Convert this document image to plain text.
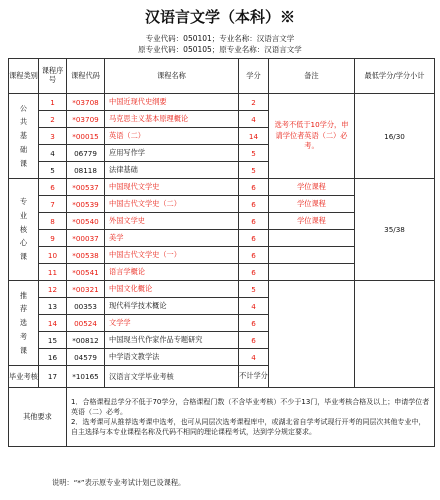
汉语言文学（本科）※
专业代码：050101；专业名称：汉语言文学
原专业代码：050105；原专业名称：汉语言文学
课程类别	课程序号	课程代码	课程名称	学分	备注	最低学分/学分小计
公
共
基
础
课	1	*03708	中国近现代史纲要	2	选考不低于10学分，申请学位者英语（二）必考。	16/30
	2	*03709	马克思主义基本原理概论	4		
	3	*00015	英语（二）	14		
	4	06779	应用写作学	5		
	5	08118	法律基础	5		
专
业
核
心
课	6	*00537	中国现代文学史	6	学位课程	35/38
	7	*00539	中国古代文学史（二）	6	学位课程	
	8	*00540	外国文学史	6	学位课程	
	9	*00037	美学	6		
	10	*00538	中国古代文学史（一）	6		
	11	*00541	语言学概论	6		
推
荐
选
考
课	12	*00321	中国文化概论	5		
	13	00353	现代科学技术概论	4		
	14	00524	文学学	6		
	15	*00812	中国现当代作家作品专题研究	6		
	16	04579	中学语文教学法	4		
毕业考核	17	*10165	汉语言文学毕业考核	不计学分		
其他要求		1．合格课程总学分不低于70学分，合格课程门数（不含毕业考核）不少于13门，毕业考核合格及以上；申请学位者英语（二）必考。
2．选考课可从推荐选考课中选考，也可从同层次选考课程库中，或湖北省自学考试现行开考的同层次其他专业中，自主选择与本专业课程名称及代码不相同的理论课程考试，达到学分规定要求。				
说明：“*”表示原专业考试计划已设课程。
